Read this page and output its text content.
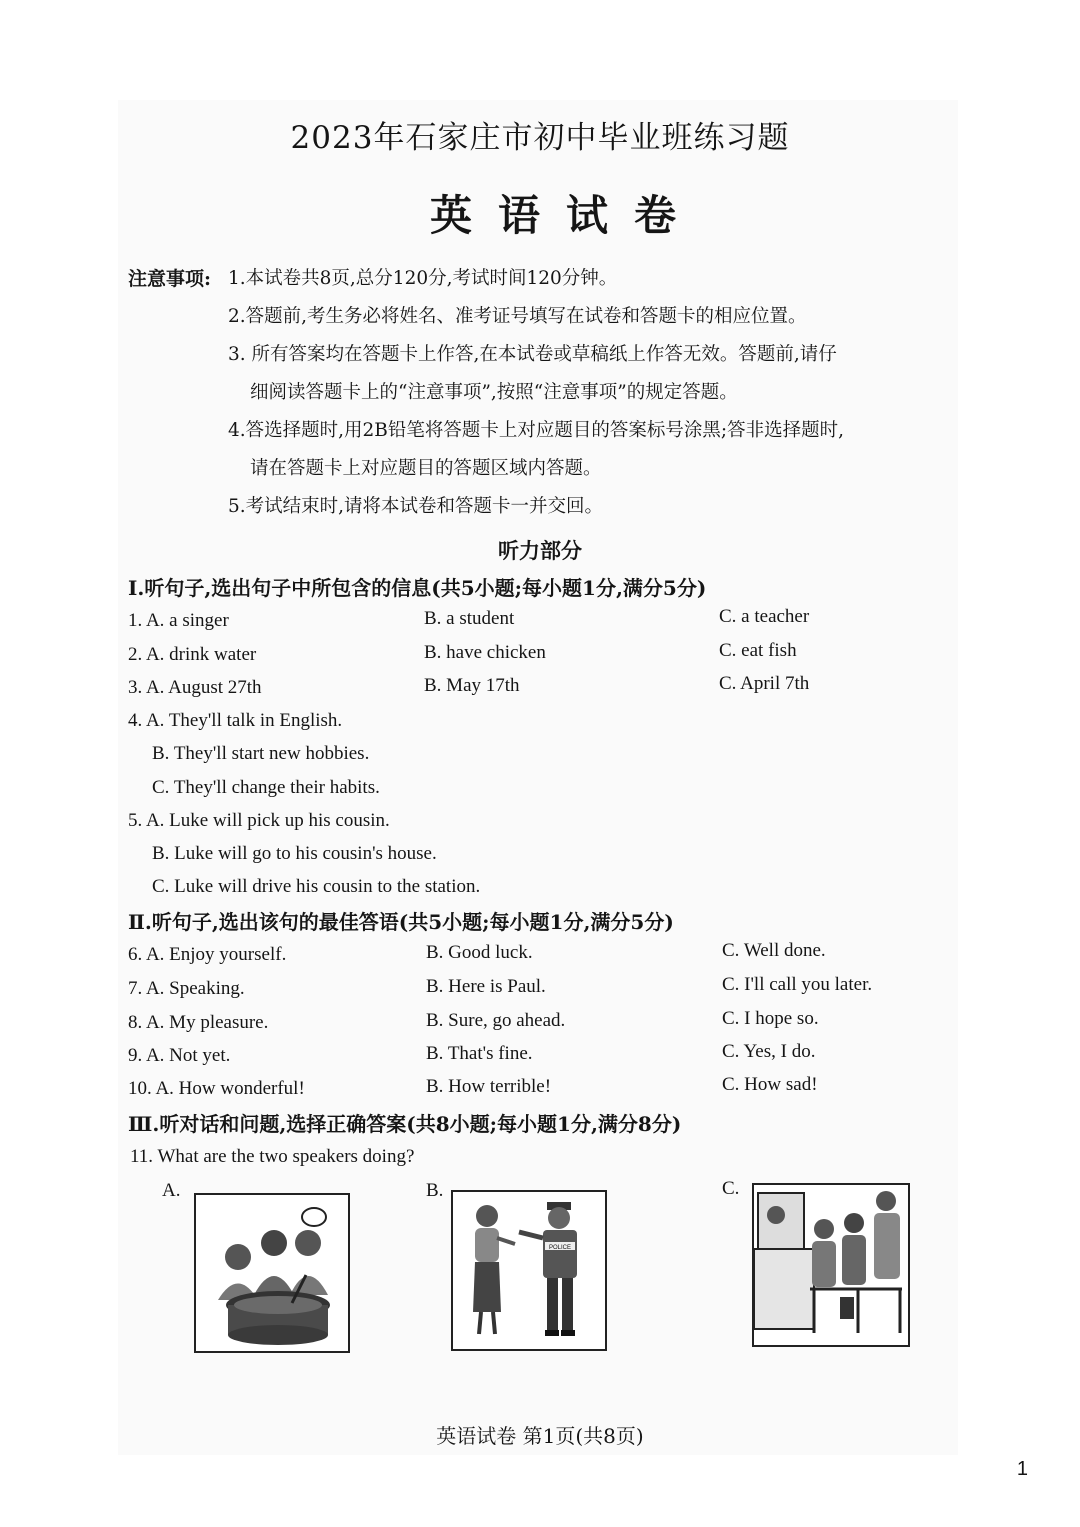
2023年石家庄市初中毕业班练习题
英语试卷
注意事项: 1.本试卷共8页,总分120分,考试时间120分钟。
2.答题前,考生务必将姓名、准考证号填写在试卷和答题卡的相应位置。
3. 所有答案均在答题卡上作答,在本试卷或草稿纸上作答无效。答题前,请仔
细阅读答题卡上的“注意事项”,按照“注意事项”的规定答题。
4.答选择题时,用2B铅笔将答题卡上对应题目的答案标号涂黑;答非选择题时,
请在答题卡上对应题目的答题区域内答题。
5.考试结束时,请将本试卷和答题卡一并交回。
听力部分
Ⅰ.听句子,选出句子中所包含的信息(共5小题;每小题1分,满分5分)
1. A. a singer	B. a student	C. a teacher
2. A. drink water	B. have chicken	C. eat fish
3. A. August 27th	B. May 17th	C. April 7th
4. A. They'll talk in English.
B. They'll start new hobbies.
C. They'll change their habits.
5. A. Luke will pick up his cousin.
B. Luke will go to his cousin's house.
C. Luke will drive his cousin to the station.
Ⅱ.听句子,选出该句的最佳答语(共5小题;每小题1分,满分5分)
6. A. Enjoy yourself.	B. Good luck.	C. Well done.
7. A. Speaking.	B. Here is Paul.	C. I'll call you later.
8. A. My pleasure.	B. Sure, go ahead.	C. I hope so.
9. A. Not yet.	B. That's fine.	C. Yes, I do.
10. A. How wonderful!	B. How terrible!	C. How sad!
Ⅲ.听对话和问题,选择正确答案(共8小题;每小题1分,满分8分)
11. What are the two speakers doing?
A.	B.	C.
POLICE
英语试卷 第1页(共8页)
1
